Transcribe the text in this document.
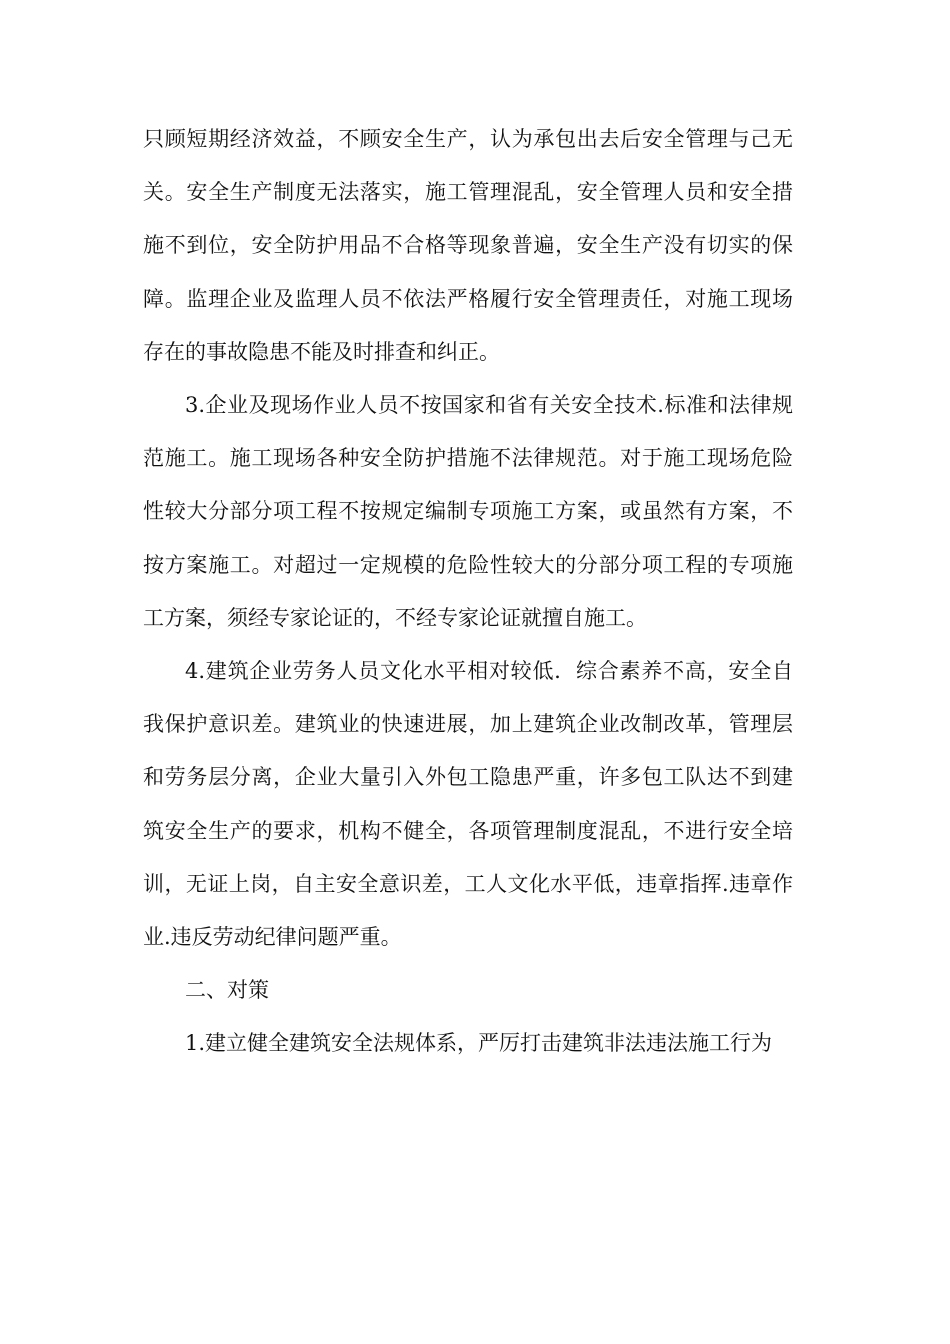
只顾短期经济效益，不顾安全生产，认为承包出去后安全管理与己无关。安全生产制度无法落实，施工管理混乱，安全管理人员和安全措施不到位，安全防护用品不合格等现象普遍，安全生产没有切实的保障。监理企业及监理人员不依法严格履行安全管理责任，对施工现场存在的事故隐患不能及时排查和纠正。

3.企业及现场作业人员不按国家和省有关安全技术.标准和法律规范施工。施工现场各种安全防护措施不法律规范。对于施工现场危险性较大分部分项工程不按规定编制专项施工方案，或虽然有方案，不按方案施工。对超过一定规模的危险性较大的分部分项工程的专项施工方案，须经专家论证的，不经专家论证就擅自施工。

4.建筑企业劳务人员文化水平相对较低．综合素养不高，安全自我保护意识差。建筑业的快速进展，加上建筑企业改制改革，管理层和劳务层分离，企业大量引入外包工隐患严重，许多包工队达不到建筑安全生产的要求，机构不健全，各项管理制度混乱，不进行安全培训，无证上岗，自主安全意识差，工人文化水平低，违章指挥.违章作业.违反劳动纪律问题严重。

二、对策

1.建立健全建筑安全法规体系，严厉打击建筑非法违法施工行为
